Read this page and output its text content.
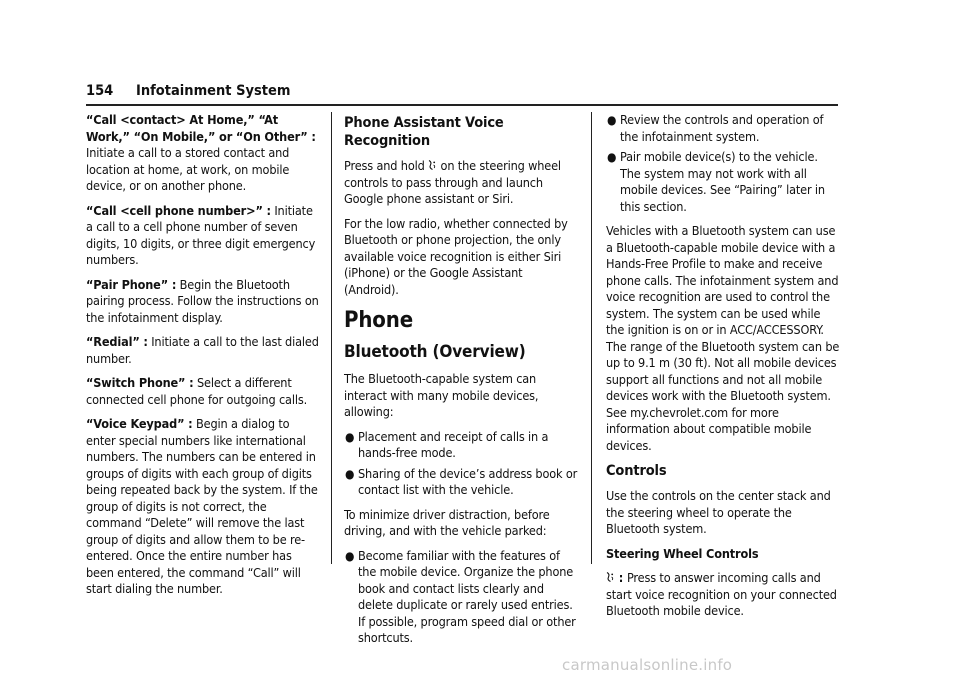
154 Infotainment System

“Call <contact> At Home,” “At Work,” “On Mobile,” or “On Other” : Initiate a call to a stored contact and location at home, at work, on mobile device, or on another phone.

“Call <cell phone number>” : Initiate a call to a cell phone number of seven digits, 10 digits, or three digit emergency numbers.

“Pair Phone” : Begin the Bluetooth pairing process. Follow the instructions on the infotainment display.

“Redial” : Initiate a call to the last dialed number.

“Switch Phone” : Select a different connected cell phone for outgoing calls.

“Voice Keypad” : Begin a dialog to enter special numbers like international numbers. The numbers can be entered in groups of digits with each group of digits being repeated back by the system. If the group of digits is not correct, the command “Delete” will remove the last group of digits and allow them to be re-entered. Once the entire number has been entered, the command “Call” will start dialing the number.

Phone Assistant Voice Recognition

Press and hold
on the steering wheel controls to pass through and launch Google phone assistant or Siri.

For the low radio, whether connected by Bluetooth or phone projection, the only available voice recognition is either Siri (iPhone) or the Google Assistant (Android).

Phone
Bluetooth (Overview)

The Bluetooth-capable system can interact with many mobile devices, allowing:

● Placement and receipt of calls in a hands-free mode.
● Sharing of the device’s address book or contact list with the vehicle.

To minimize driver distraction, before driving, and with the vehicle parked:

● Become familiar with the features of the mobile device. Organize the phone book and contact lists clearly and delete duplicate or rarely used entries.
If possible, program speed dial or other shortcuts.
● Review the controls and operation of the infotainment system.
● Pair mobile device(s) to the vehicle. The system may not work with all mobile devices. See “Pairing” later in this section.

Vehicles with a Bluetooth system can use a Bluetooth-capable mobile device with a Hands-Free Profile to make and receive phone calls. The infotainment system and voice recognition are used to control the system. The system can be used while the ignition is on or in ACC/ACCESSORY. The range of the Bluetooth system can be up to 9.1 m (30 ft). Not all mobile devices support all functions and not all mobile devices work with the Bluetooth system. See my.chevrolet.com for more information about compatible mobile devices.

Controls

Use the controls on the center stack and the steering wheel to operate the Bluetooth system.

Steering Wheel Controls

: Press to answer incoming calls and start voice recognition on your connected Bluetooth mobile device.

carmanualsonline.info
